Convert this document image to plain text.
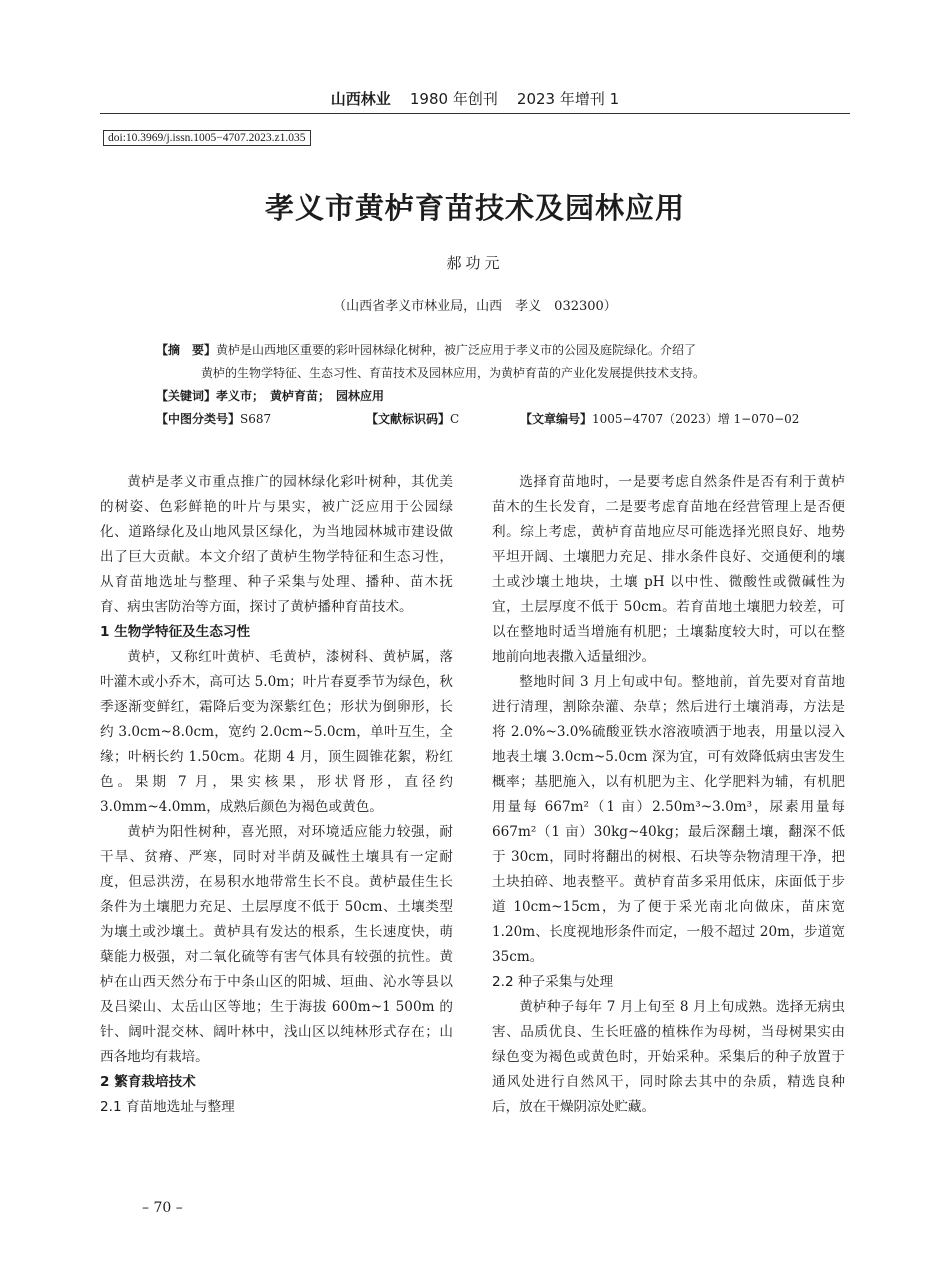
山西林业 1980 年创刊 2023 年增刊 1
doi:10.3969/j.issn.1005−4707.2023.z1.035
孝义市黄栌育苗技术及园林应用
郝功元
（山西省孝义市林业局，山西　孝义　032300）
【摘　要】黄栌是山西地区重要的彩叶园林绿化树种，被广泛应用于孝义市的公园及庭院绿化。介绍了
黄栌的生物学特征、生态习性、育苗技术及园林应用，为黄栌育苗的产业化发展提供技术支持。
【关键词】孝义市；　黄栌育苗；　园林应用
【中图分类号】S687	【文献标识码】C	【文章编号】1005−4707（2023）增 1−070−02

黄栌是孝义市重点推广的园林绿化彩叶树种，其优美的树姿、色彩鲜艳的叶片与果实，被广泛应用于公园绿化、道路绿化及山地风景区绿化，为当地园林城市建设做出了巨大贡献。本文介绍了黄栌生物学特征和生态习性，从育苗地选址与整理、种子采集与处理、播种、苗木抚育、病虫害防治等方面，探讨了黄栌播种育苗技术。

1 生物学特征及生态习性

黄栌，又称红叶黄栌、毛黄栌，漆树科、黄栌属，落叶灌木或小乔木，高可达 5.0m；叶片春夏季节为绿色，秋季逐渐变鲜红，霜降后变为深紫红色；形状为倒卵形，长约 3.0cm~8.0cm，宽约 2.0cm~5.0cm，单叶互生，全缘；叶柄长约 1.50cm。花期 4 月，顶生圆锥花絮，粉红色。果期 7 月，果实核果，形状肾形，直径约 3.0mm~4.0mm，成熟后颜色为褐色或黄色。

黄栌为阳性树种，喜光照，对环境适应能力较强，耐干旱、贫瘠、严寒，同时对半荫及碱性土壤具有一定耐度，但忌洪涝，在易积水地带常生长不良。黄栌最佳生长条件为土壤肥力充足、土层厚度不低于 50cm、土壤类型为壤土或沙壤土。黄栌具有发达的根系，生长速度快，萌蘖能力极强，对二氧化硫等有害气体具有较强的抗性。黄栌在山西天然分布于中条山区的阳城、垣曲、沁水等县以及吕梁山、太岳山区等地；生于海拔 600m~1 500m 的针、阔叶混交林、阔叶林中，浅山区以纯林形式存在；山西各地均有栽培。

2 繁育栽培技术

2.1 育苗地选址与整理

选择育苗地时，一是要考虑自然条件是否有利于黄栌苗木的生长发育，二是要考虑育苗地在经营管理上是否便利。综上考虑，黄栌育苗地应尽可能选择光照良好、地势平坦开阔、土壤肥力充足、排水条件良好、交通便利的壤土或沙壤土地块，土壤 pH 以中性、微酸性或微碱性为宜，土层厚度不低于 50cm。若育苗地土壤肥力较差，可以在整地时适当增施有机肥；土壤黏度较大时，可以在整地前向地表撒入适量细沙。

整地时间 3 月上旬或中旬。整地前，首先要对育苗地进行清理，割除杂灌、杂草；然后进行土壤消毒，方法是将 2.0%~3.0%硫酸亚铁水溶液喷洒于地表，用量以浸入地表土壤 3.0cm~5.0cm 深为宜，可有效降低病虫害发生概率；基肥施入，以有机肥为主、化学肥料为辅，有机肥用量每 667m²（1 亩）2.50m³~3.0m³，尿素用量每 667m²（1 亩）30kg~40kg；最后深翻土壤，翻深不低于 30cm，同时将翻出的树根、石块等杂物清理干净，把土块拍碎、地表整平。黄栌育苗多采用低床，床面低于步道 10cm~15cm，为了便于采光南北向做床，苗床宽 1.20m、长度视地形条件而定，一般不超过 20m，步道宽 35cm。

2.2 种子采集与处理

黄栌种子每年 7 月上旬至 8 月上旬成熟。选择无病虫害、品质优良、生长旺盛的植株作为母树，当母树果实由绿色变为褐色或黄色时，开始采种。采集后的种子放置于通风处进行自然风干，同时除去其中的杂质，精选良种后，放在干燥阴凉处贮藏。

– 70 –
